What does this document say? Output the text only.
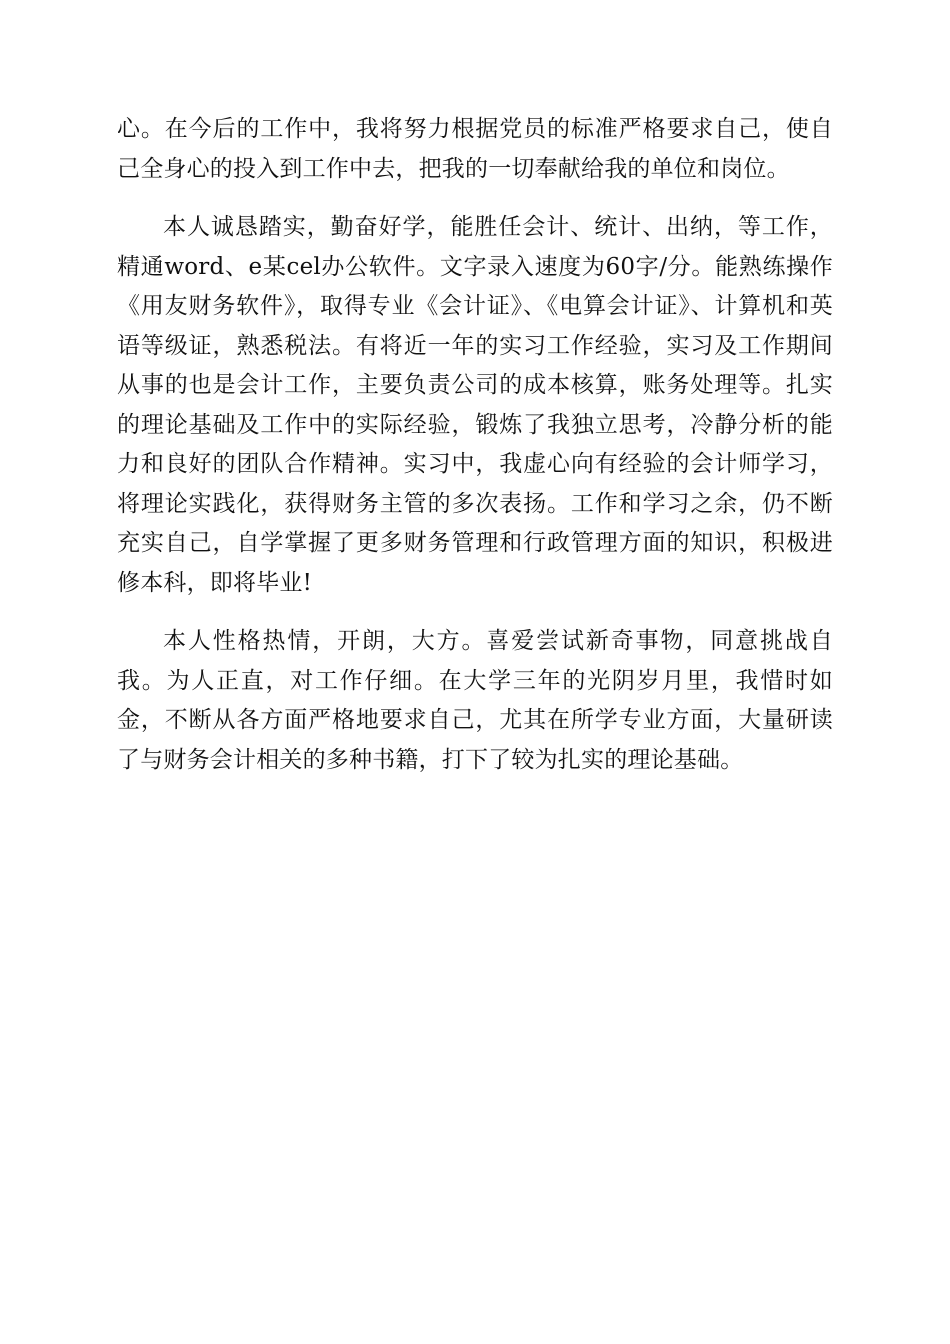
心。在今后的工作中，我将努力根据党员的标准严格要求自己，使自己全身心的投入到工作中去，把我的一切奉献给我的单位和岗位。

本人诚恳踏实，勤奋好学，能胜任会计、统计、出纳，等工作，精通word、e某cel办公软件。文字录入速度为60字/分。能熟练操作《用友财务软件》，取得专业《会计证》、《电算会计证》、计算机和英语等级证，熟悉税法。有将近一年的实习工作经验，实习及工作期间从事的也是会计工作，主要负责公司的成本核算，账务处理等。扎实的理论基础及工作中的实际经验，锻炼了我独立思考，冷静分析的能力和良好的团队合作精神。实习中，我虚心向有经验的会计师学习，将理论实践化，获得财务主管的多次表扬。工作和学习之余，仍不断充实自己，自学掌握了更多财务管理和行政管理方面的知识，积极进修本科，即将毕业!

本人性格热情，开朗，大方。喜爱尝试新奇事物，同意挑战自我。为人正直，对工作仔细。在大学三年的光阴岁月里，我惜时如金，不断从各方面严格地要求自己，尤其在所学专业方面，大量研读了与财务会计相关的多种书籍，打下了较为扎实的理论基础。
